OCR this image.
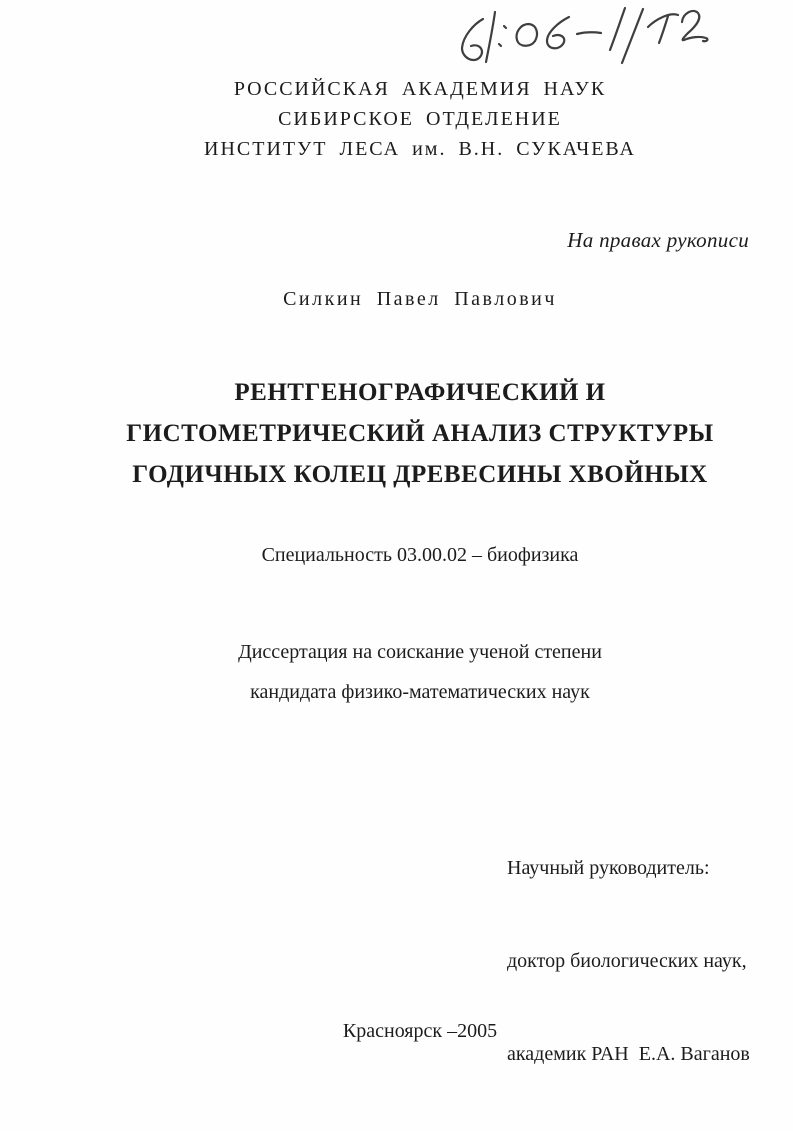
РОССИЙСКАЯ АКАДЕМИЯ НАУК
СИБИРСКОЕ ОТДЕЛЕНИЕ
ИНСТИТУТ ЛЕСА им. В.Н. СУКАЧЕВА
На правах рукописи
Силкин Павел Павлович
РЕНТГЕНОГРАФИЧЕСКИЙ И
ГИСТОМЕТРИЧЕСКИЙ АНАЛИЗ СТРУКТУРЫ
ГОДИЧНЫХ КОЛЕЦ ДРЕВЕСИНЫ ХВОЙНЫХ
Специальность 03.00.02 – биофизика
Диссертация на соискание ученой степени
кандидата физико-математических наук

Научный руководитель:

доктор биологических наук,

академик РАН  Е.А. Ваганов

Красноярск –2005
